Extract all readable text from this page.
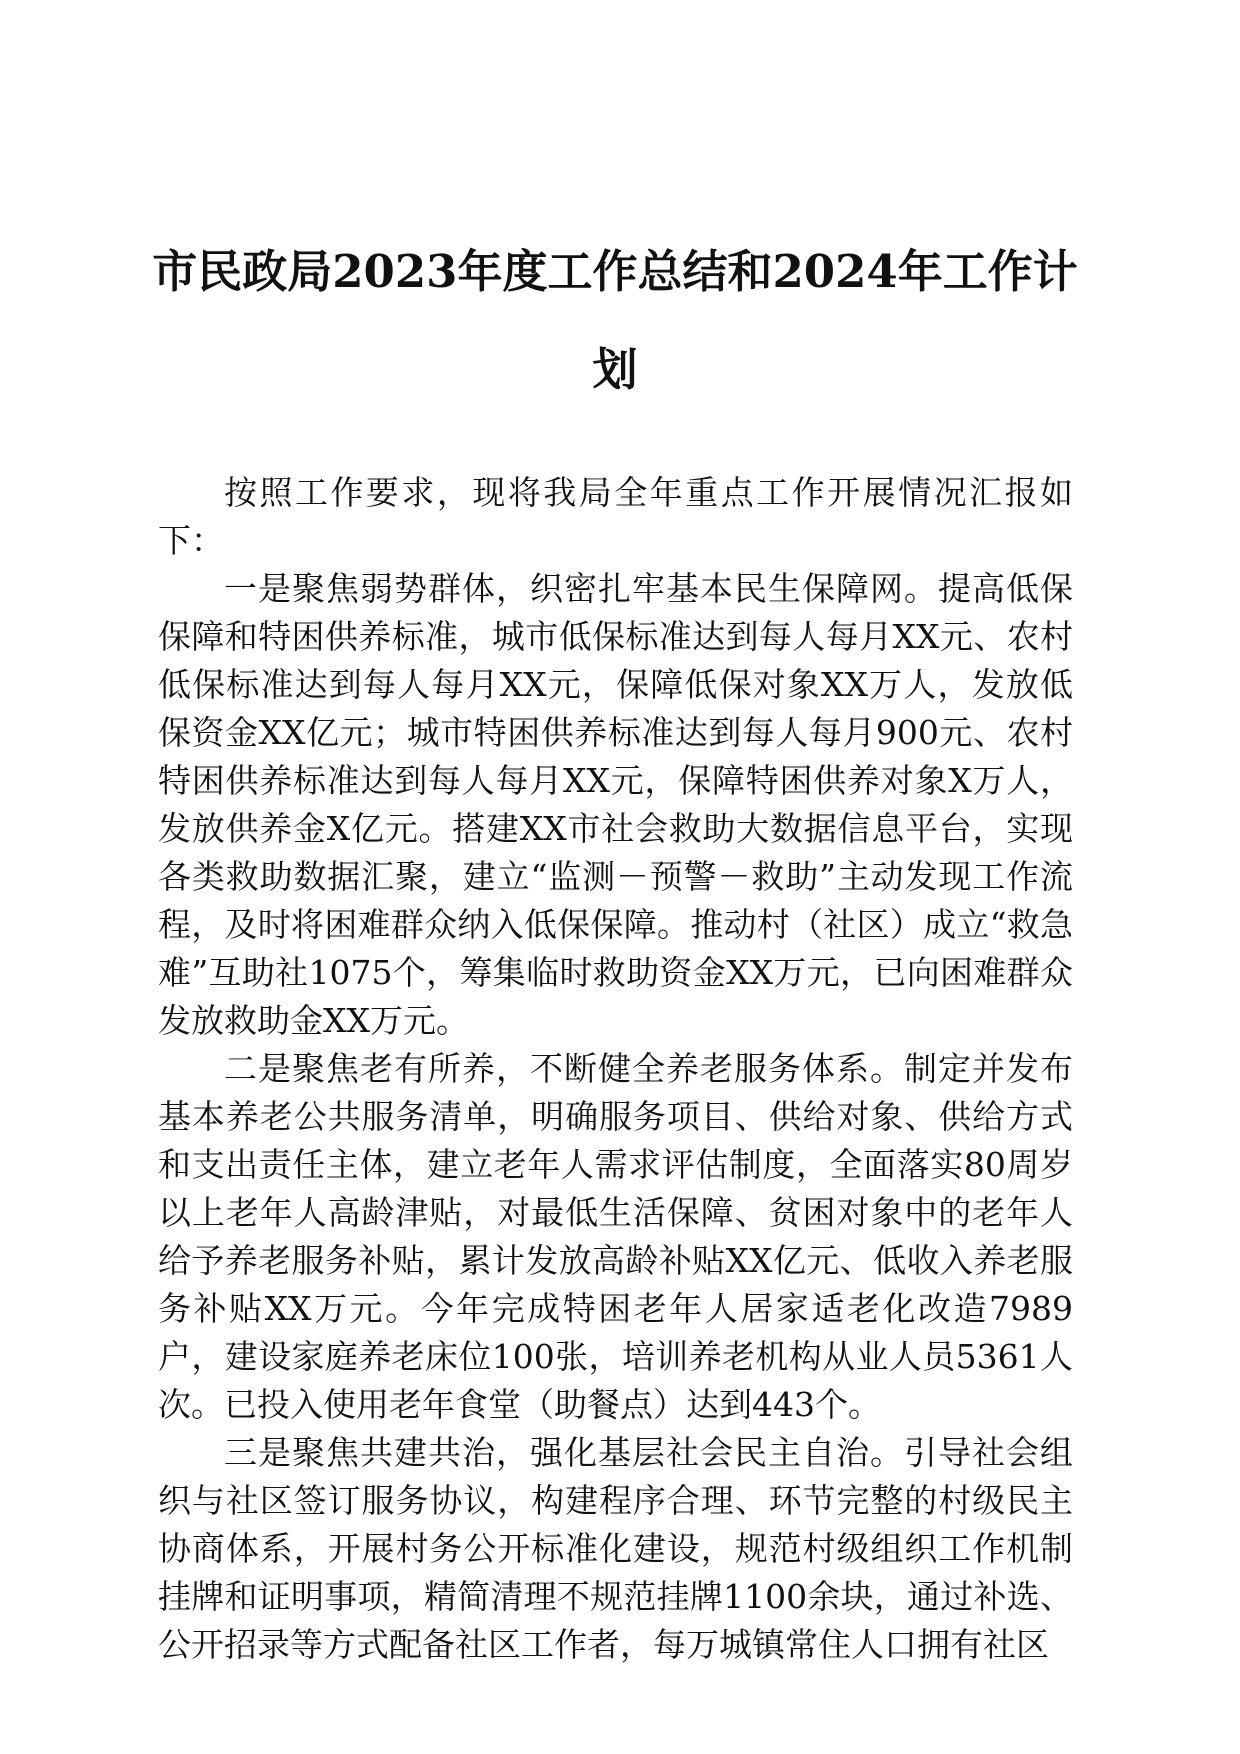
市民政局2023年度工作总结和2024年工作计划

按照工作要求，现将我局全年重点工作开展情况汇报如下：

一是聚焦弱势群体，织密扎牢基本民生保障网。提高低保保障和特困供养标准，城市低保标准达到每人每月XX元、农村低保标准达到每人每月XX元，保障低保对象XX万人，发放低保资金XX亿元；城市特困供养标准达到每人每月900元、农村特困供养标准达到每人每月XX元，保障特困供养对象X万人，发放供养金X亿元。搭建XX市社会救助大数据信息平台，实现各类救助数据汇聚，建立“监测－预警－救助”主动发现工作流程，及时将困难群众纳入低保保障。推动村（社区）成立“救急难”互助社1075个，筹集临时救助资金XX万元，已向困难群众发放救助金XX万元。

二是聚焦老有所养，不断健全养老服务体系。制定并发布基本养老公共服务清单，明确服务项目、供给对象、供给方式和支出责任主体，建立老年人需求评估制度，全面落实80周岁以上老年人高龄津贴，对最低生活保障、贫困对象中的老年人给予养老服务补贴，累计发放高龄补贴XX亿元、低收入养老服务补贴XX万元。今年完成特困老年人居家适老化改造7989户，建设家庭养老床位100张，培训养老机构从业人员5361人次。已投入使用老年食堂（助餐点）达到443个。

三是聚焦共建共治，强化基层社会民主自治。引导社会组织与社区签订服务协议，构建程序合理、环节完整的村级民主协商体系，开展村务公开标准化建设，规范村级组织工作机制挂牌和证明事项，精简清理不规范挂牌1100余块，通过补选、公开招录等方式配备社区工作者，每万城镇常住人口拥有社区
